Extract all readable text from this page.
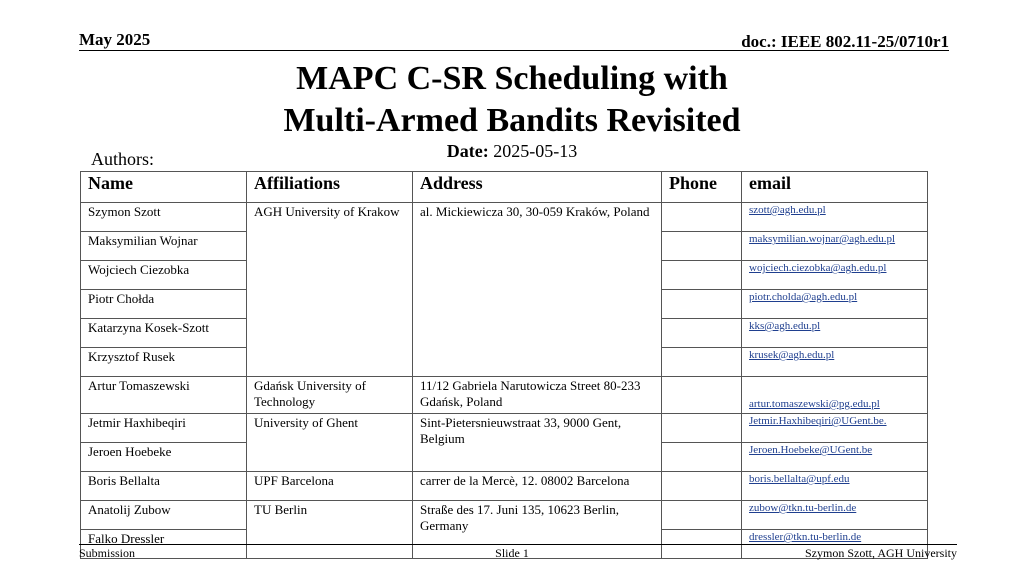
May 2025	doc.: IEEE 802.11-25/0710r1
MAPC C-SR Scheduling with
Multi-Armed Bandits Revisited
Date: 2025-05-13
Authors:
Name	Affiliations	Address	Phone	email
Szymon Szott	AGH University of Krakow	al. Mickiewicza 30, 30-059 Kraków, Poland		szott@agh.edu.pl
Maksymilian Wojnar				maksymilian.wojnar@agh.edu.pl
Wojciech Ciezobka				wojciech.ciezobka@agh.edu.pl
Piotr Chołda				piotr.cholda@agh.edu.pl
Katarzyna Kosek-Szott				kks@agh.edu.pl
Krzysztof Rusek				krusek@agh.edu.pl
Artur Tomaszewski	Gdańsk University of Technology	11/12 Gabriela Narutowicza Street 80-233 Gdańsk, Poland		artur.tomaszewski@pg.edu.pl
Jetmir Haxhibeqiri	University of Ghent	Sint-Pietersnieuwstraat 33, 9000 Gent, Belgium		Jetmir.Haxhibeqiri@UGent.be.
Jeroen Hoebeke				Jeroen.Hoebeke@UGent.be
Boris Bellalta	UPF Barcelona	carrer de la Mercè, 12. 08002 Barcelona		boris.bellalta@upf.edu
Anatolij Zubow	TU Berlin	Straße des 17. Juni 135, 10623 Berlin, Germany		zubow@tkn.tu-berlin.de
Falko Dressler				dressler@tkn.tu-berlin.de
Submission	Slide 1	Szymon Szott, AGH University
